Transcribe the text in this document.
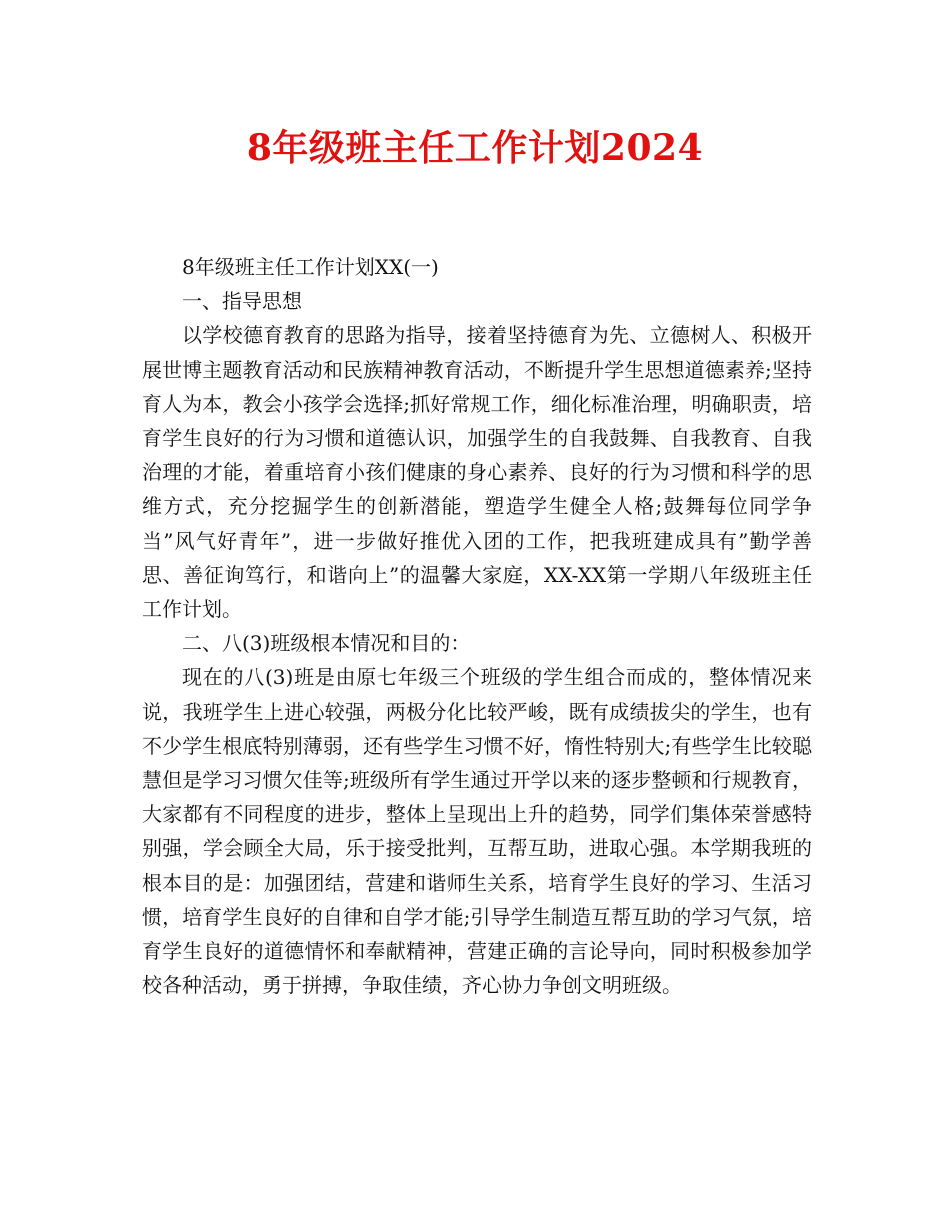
8年级班主任工作计划2024

8年级班主任工作计划XX(一)

一、指导思想

以学校德育教育的思路为指导，接着坚持德育为先、立德树人、积极开展世博主题教育活动和民族精神教育活动，不断提升学生思想道德素养;坚持育人为本，教会小孩学会选择;抓好常规工作，细化标准治理，明确职责，培育学生良好的行为习惯和道德认识，加强学生的自我鼓舞、自我教育、自我治理的才能，着重培育小孩们健康的身心素养、良好的行为习惯和科学的思维方式，充分挖掘学生的创新潜能，塑造学生健全人格;鼓舞每位同学争当”风气好青年”，进一步做好推优入团的工作，把我班建成具有”勤学善思、善征询笃行，和谐向上”的温馨大家庭，XX-XX第一学期八年级班主任工作计划。

二、八(3)班级根本情况和目的：

现在的八(3)班是由原七年级三个班级的学生组合而成的，整体情况来说，我班学生上进心较强，两极分化比较严峻，既有成绩拔尖的学生，也有不少学生根底特别薄弱，还有些学生习惯不好，惰性特别大;有些学生比较聪慧但是学习习惯欠佳等;班级所有学生通过开学以来的逐步整顿和行规教育，大家都有不同程度的进步，整体上呈现出上升的趋势，同学们集体荣誉感特别强，学会顾全大局，乐于接受批判，互帮互助，进取心强。本学期我班的根本目的是：加强团结，营建和谐师生关系，培育学生良好的学习、生活习惯，培育学生良好的自律和自学才能;引导学生制造互帮互助的学习气氛，培育学生良好的道德情怀和奉献精神，营建正确的言论导向，同时积极参加学校各种活动，勇于拼搏，争取佳绩，齐心协力争创文明班级。
